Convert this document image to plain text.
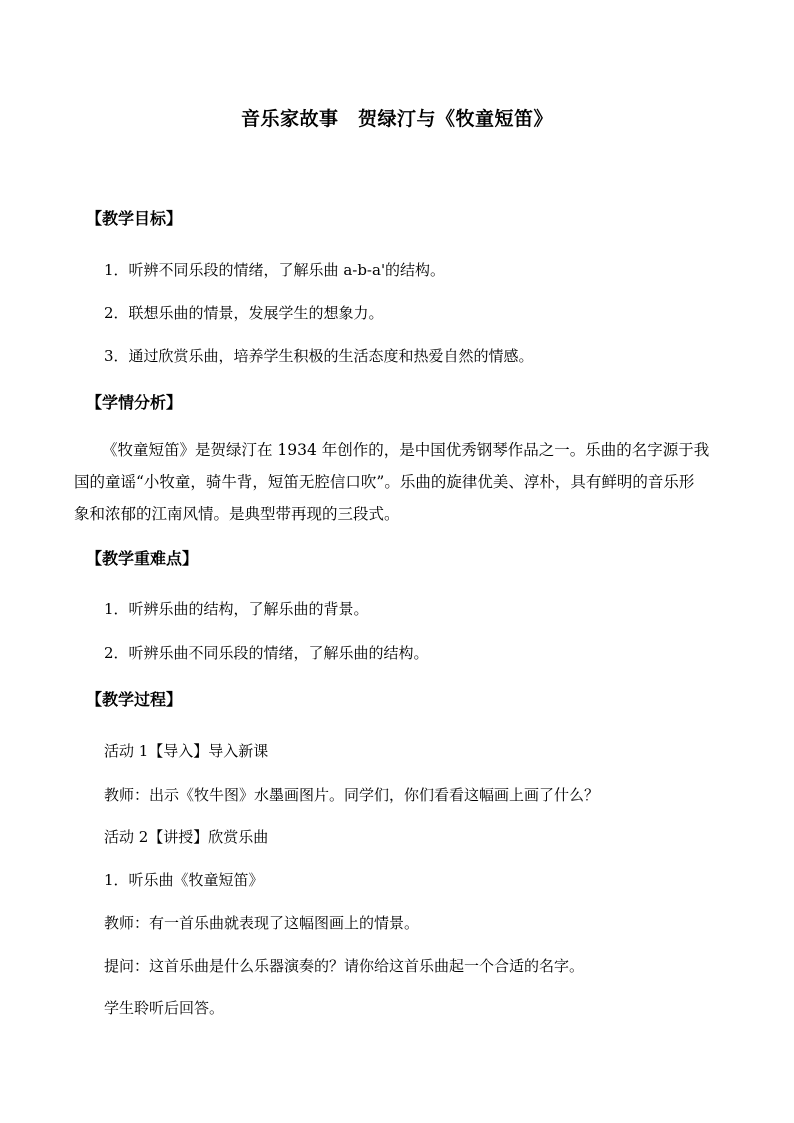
音乐家故事　贺绿汀与《牧童短笛》
【教学目标】
1．听辨不同乐段的情绪，了解乐曲 a-b-a'的结构。
2．联想乐曲的情景，发展学生的想象力。
3．通过欣赏乐曲，培养学生积极的生活态度和热爱自然的情感。
【学情分析】
《牧童短笛》是贺绿汀在 1934 年创作的，是中国优秀钢琴作品之一。乐曲的名字源于我
国的童谣“小牧童，骑牛背，短笛无腔信口吹”。乐曲的旋律优美、淳朴，具有鲜明的音乐形
象和浓郁的江南风情。是典型带再现的三段式。
【教学重难点】
1．听辨乐曲的结构，了解乐曲的背景。
2．听辨乐曲不同乐段的情绪，了解乐曲的结构。
【教学过程】
活动 1【导入】导入新课
教师：出示《牧牛图》水墨画图片。同学们，你们看看这幅画上画了什么？
活动 2【讲授】欣赏乐曲
1．听乐曲《牧童短笛》
教师：有一首乐曲就表现了这幅图画上的情景。
提问：这首乐曲是什么乐器演奏的？请你给这首乐曲起一个合适的名字。
学生聆听后回答。
